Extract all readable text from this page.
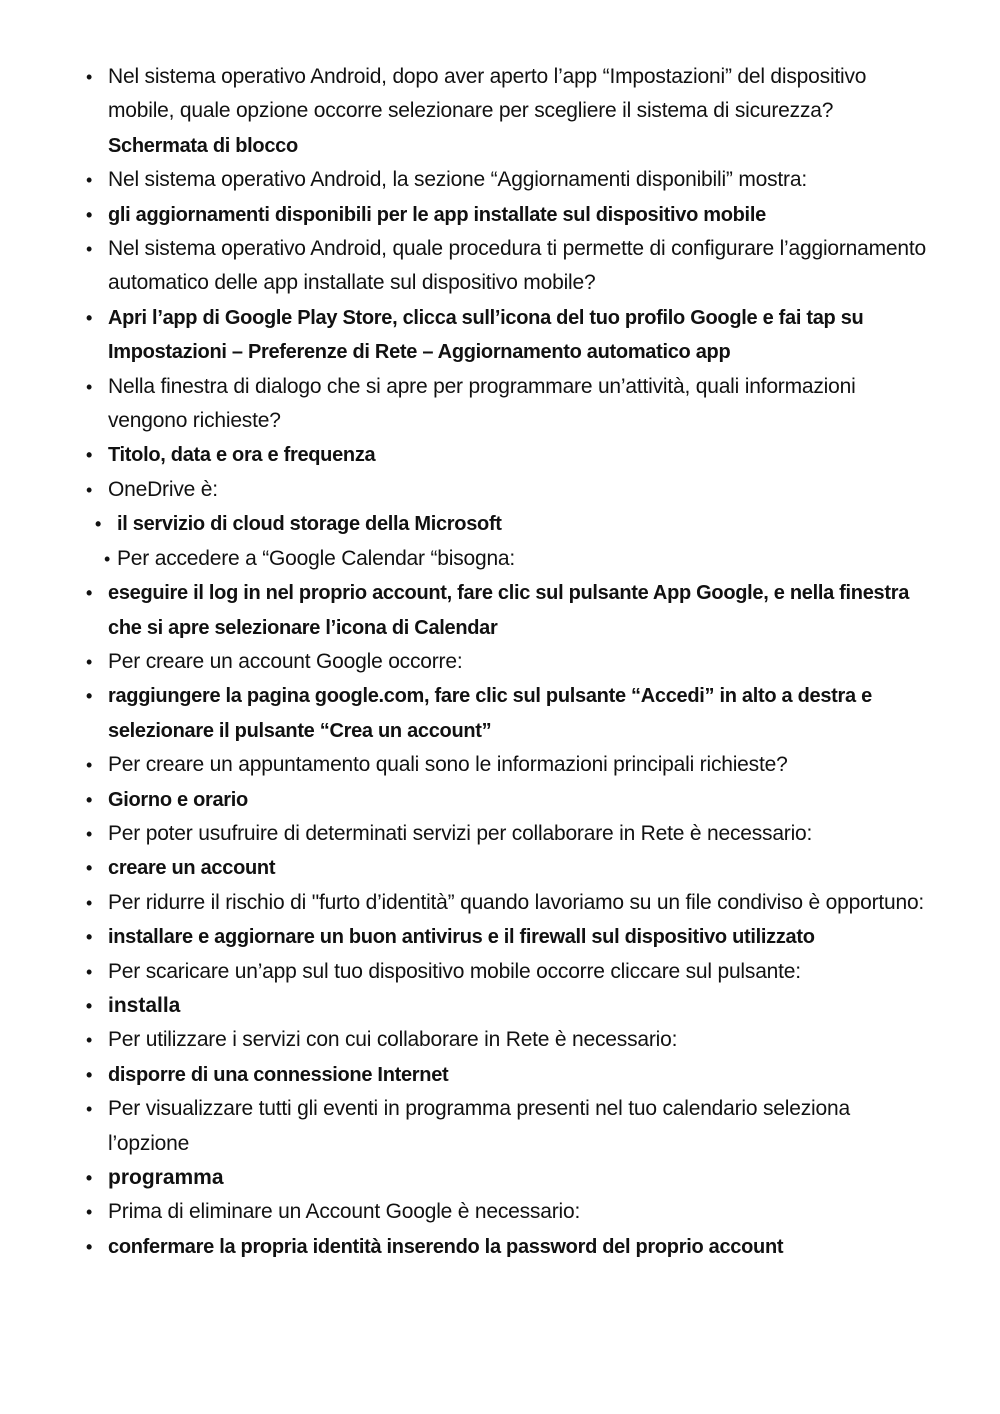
• Nel sistema operativo Android, dopo aver aperto l’app “Impostazioni” del dispositivo mobile, quale opzione occorre selezionare per scegliere il sistema di sicurezza?
Schermata di blocco
• Nel sistema operativo Android, la sezione “Aggiornamenti disponibili” mostra:
• gli aggiornamenti disponibili per le app installate sul dispositivo mobile
• Nel sistema operativo Android, quale procedura ti permette di configurare l’aggiornamento automatico delle app installate sul dispositivo mobile?
• Apri l’app di Google Play Store, clicca sull’icona del tuo profilo Google e fai tap su Impostazioni – Preferenze di Rete – Aggiornamento automatico app
• Nella finestra di dialogo che si apre per programmare un’attività, quali informazioni vengono richieste?
• Titolo, data e ora e frequenza
• OneDrive è:
• il servizio di cloud storage della Microsoft
• Per accedere a “Google Calendar “bisogna:
• eseguire il log in nel proprio account, fare clic sul pulsante App Google, e nella finestra che si apre selezionare l’icona di Calendar
• Per creare un account Google occorre:
• raggiungere la pagina google.com, fare clic sul pulsante “Accedi” in alto a destra e selezionare il pulsante “Crea un account”
• Per creare un appuntamento quali sono le informazioni principali richieste?
• Giorno e orario
• Per poter usufruire di determinati servizi per collaborare in Rete è necessario:
• creare un account
• Per ridurre il rischio di "furto d’identità” quando lavoriamo su un file condiviso è opportuno:
• installare e aggiornare un buon antivirus e il firewall sul dispositivo utilizzato
• Per scaricare un’app sul tuo dispositivo mobile occorre cliccare sul pulsante:
• installa
• Per utilizzare i servizi con cui collaborare in Rete è necessario:
• disporre di una connessione Internet
• Per visualizzare tutti gli eventi in programma presenti nel tuo calendario seleziona l’opzione
• programma
• Prima di eliminare un Account Google è necessario:
• confermare la propria identità inserendo la password del proprio account
